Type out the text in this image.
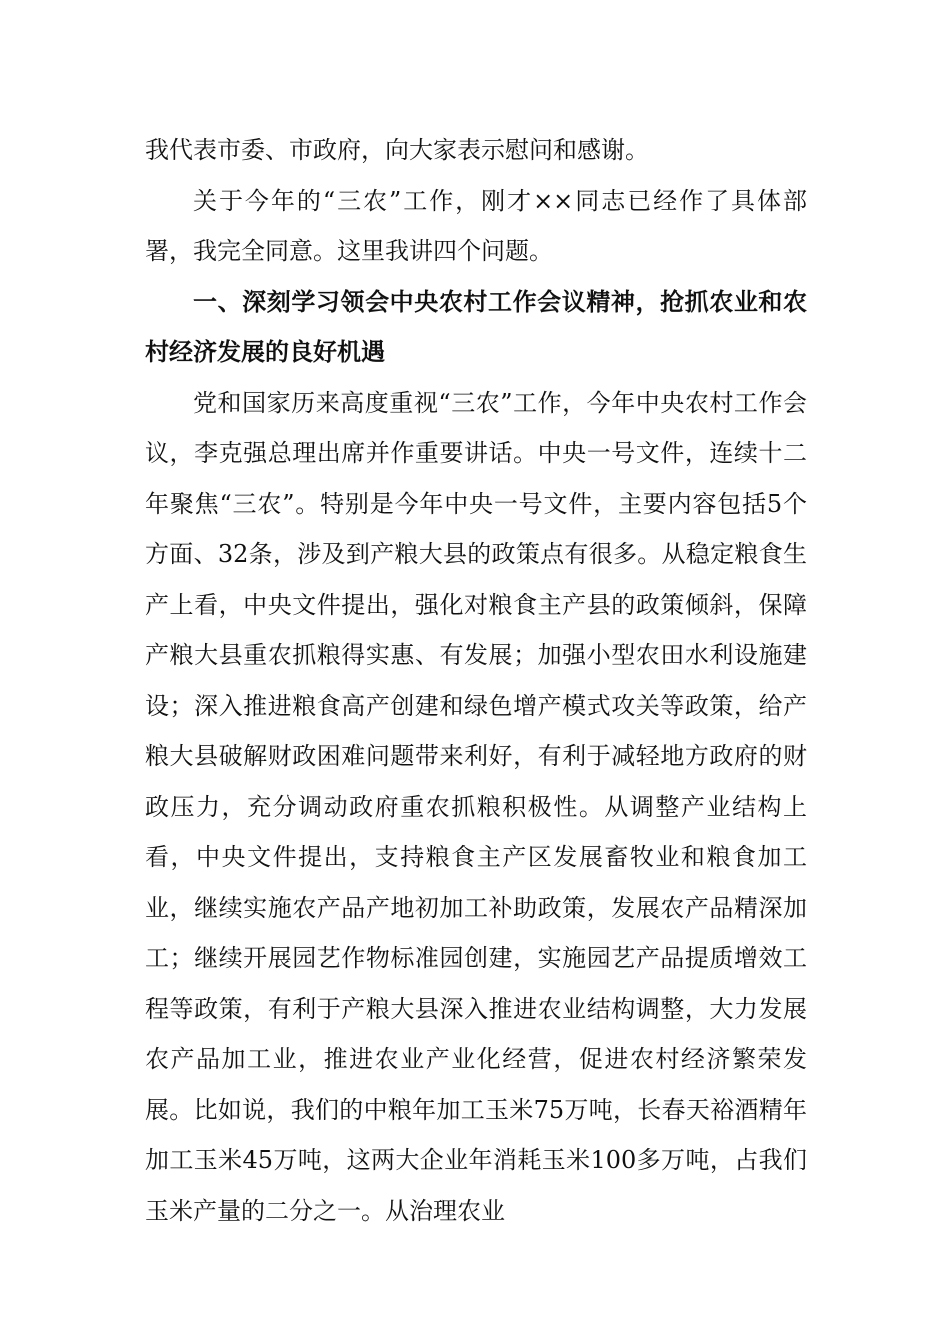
我代表市委、市政府，向大家表示慰问和感谢。

关于今年的“三农”工作，刚才××同志已经作了具体部署，我完全同意。这里我讲四个问题。

一、深刻学习领会中央农村工作会议精神，抢抓农业和农村经济发展的良好机遇

党和国家历来高度重视“三农”工作，今年中央农村工作会议，李克强总理出席并作重要讲话。中央一号文件，连续十二年聚焦“三农”。特别是今年中央一号文件，主要内容包括5个方面、32条，涉及到产粮大县的政策点有很多。从稳定粮食生产上看，中央文件提出，强化对粮食主产县的政策倾斜，保障产粮大县重农抓粮得实惠、有发展；加强小型农田水利设施建设；深入推进粮食高产创建和绿色增产模式攻关等政策，给产粮大县破解财政困难问题带来利好，有利于减轻地方政府的财政压力，充分调动政府重农抓粮积极性。从调整产业结构上看，中央文件提出，支持粮食主产区发展畜牧业和粮食加工业，继续实施农产品产地初加工补助政策，发展农产品精深加工；继续开展园艺作物标准园创建，实施园艺产品提质增效工程等政策，有利于产粮大县深入推进农业结构调整，大力发展农产品加工业，推进农业产业化经营，促进农村经济繁荣发展。比如说，我们的中粮年加工玉米75万吨，长春天裕酒精年加工玉米45万吨，这两大企业年消耗玉米100多万吨，占我们玉米产量的二分之一。从治理农业
